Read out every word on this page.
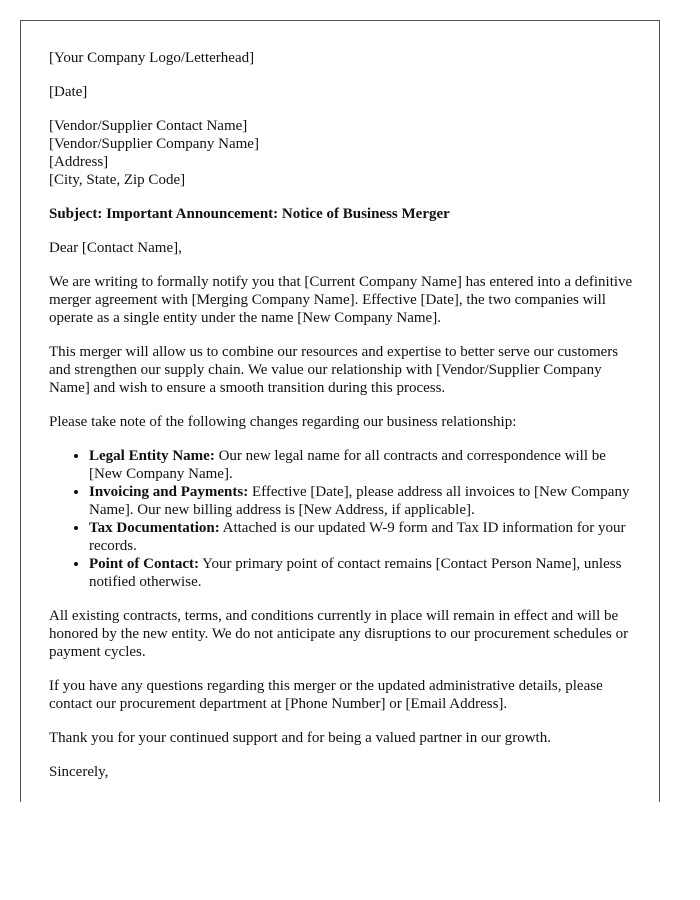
[Your Company Logo/Letterhead]

[Date]

[Vendor/Supplier Contact Name]
[Vendor/Supplier Company Name]
[Address]
[City, State, Zip Code]

Subject: Important Announcement: Notice of Business Merger

Dear [Contact Name],

We are writing to formally notify you that [Current Company Name] has entered into a definitive merger agreement with [Merging Company Name]. Effective [Date], the two companies will operate as a single entity under the name [New Company Name].

This merger will allow us to combine our resources and expertise to better serve our customers and strengthen our supply chain. We value our relationship with [Vendor/Supplier Company Name] and wish to ensure a smooth transition during this process.

Please take note of the following changes regarding our business relationship:

• Legal Entity Name: Our new legal name for all contracts and correspondence will be [New Company Name].
• Invoicing and Payments: Effective [Date], please address all invoices to [New Company Name]. Our new billing address is [New Address, if applicable].
• Tax Documentation: Attached is our updated W-9 form and Tax ID information for your records.
• Point of Contact: Your primary point of contact remains [Contact Person Name], unless notified otherwise.

All existing contracts, terms, and conditions currently in place will remain in effect and will be honored by the new entity. We do not anticipate any disruptions to our procurement schedules or payment cycles.

If you have any questions regarding this merger or the updated administrative details, please contact our procurement department at [Phone Number] or [Email Address].

Thank you for your continued support and for being a valued partner in our growth.

Sincerely,
